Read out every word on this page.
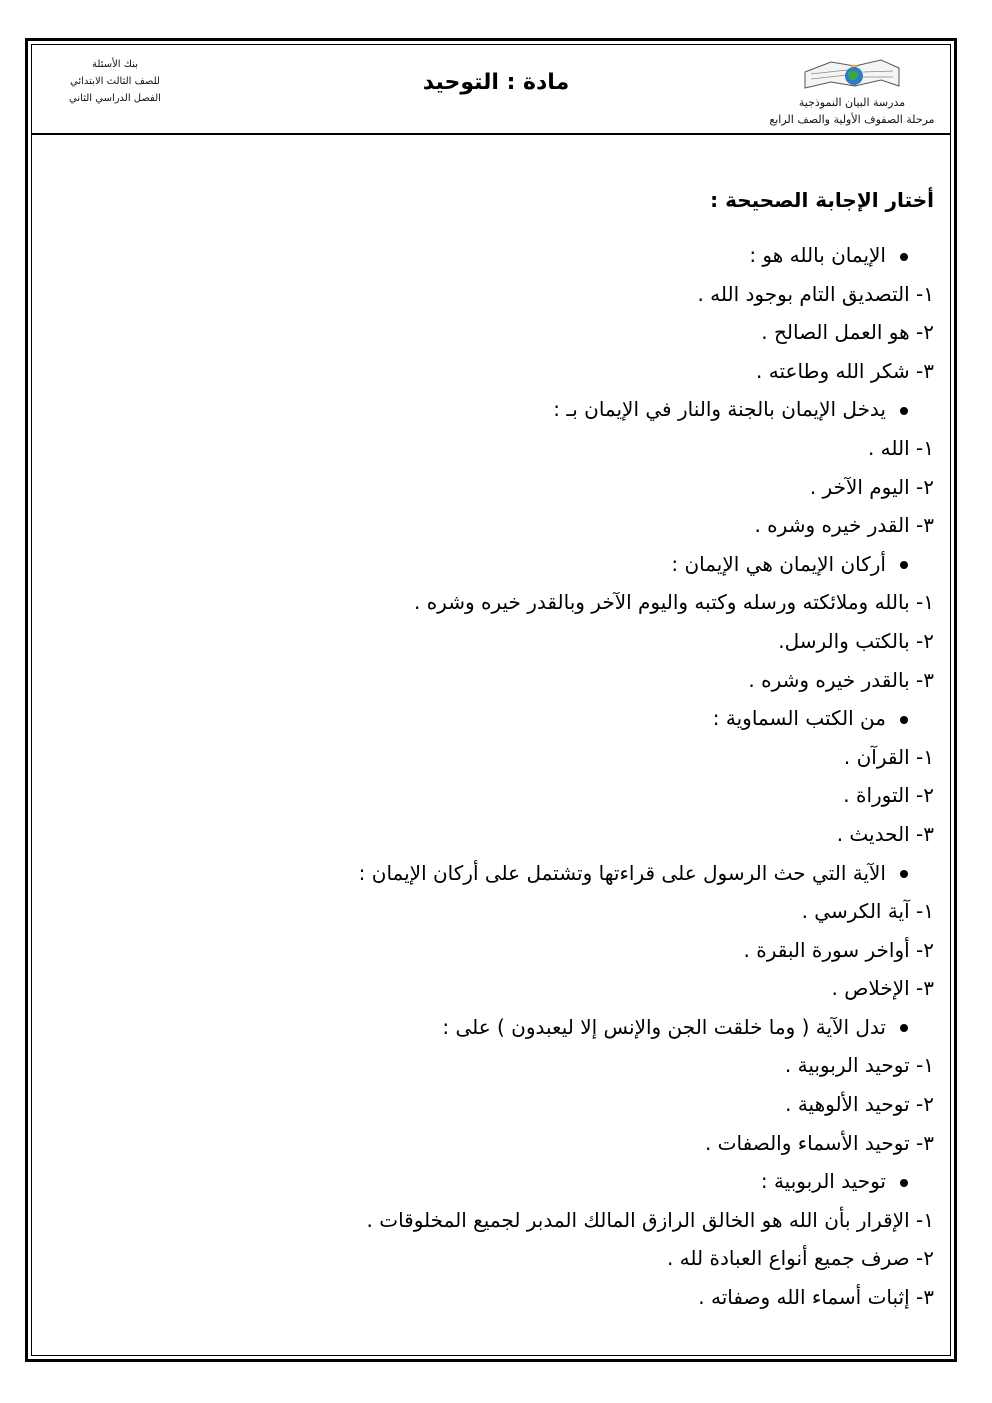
مدرسة البيان النموذجية
مرحلة الصفوف الأولية والصف الرابع
مادة : التوحيد
بنك الأسئلة
للصف الثالث الابتدائي
الفصل الدراسي الثاني
أختار الإجابة الصحيحة :
الإيمان بالله هو :
١- التصديق التام بوجود الله .
٢- هو العمل الصالح .
٣- شكر الله وطاعته .
يدخل الإيمان بالجنة والنار في الإيمان بـ :
١- الله .
٢- اليوم الآخر .
٣- القدر خيره وشره .
أركان الإيمان هي الإيمان :
١- بالله وملائكته ورسله وكتبه واليوم الآخر وبالقدر خيره وشره .
٢- بالكتب والرسل.
٣- بالقدر خيره وشره .
من الكتب السماوية :
١- القرآن .
٢- التوراة .
٣- الحديث .
الآية التي حث الرسول على قراءتها وتشتمل على أركان الإيمان :
١- آية الكرسي .
٢- أواخر سورة البقرة .
٣- الإخلاص .
تدل الآية ( وما خلقت الجن والإنس إلا ليعبدون ) على :
١- توحيد الربوبية .
٢- توحيد الألوهية .
٣- توحيد الأسماء والصفات .
توحيد الربوبية :
١- الإقرار بأن الله هو الخالق الرازق المالك المدبر لجميع المخلوقات .
٢- صرف جميع أنواع العبادة لله .
٣- إثبات أسماء الله وصفاته .
